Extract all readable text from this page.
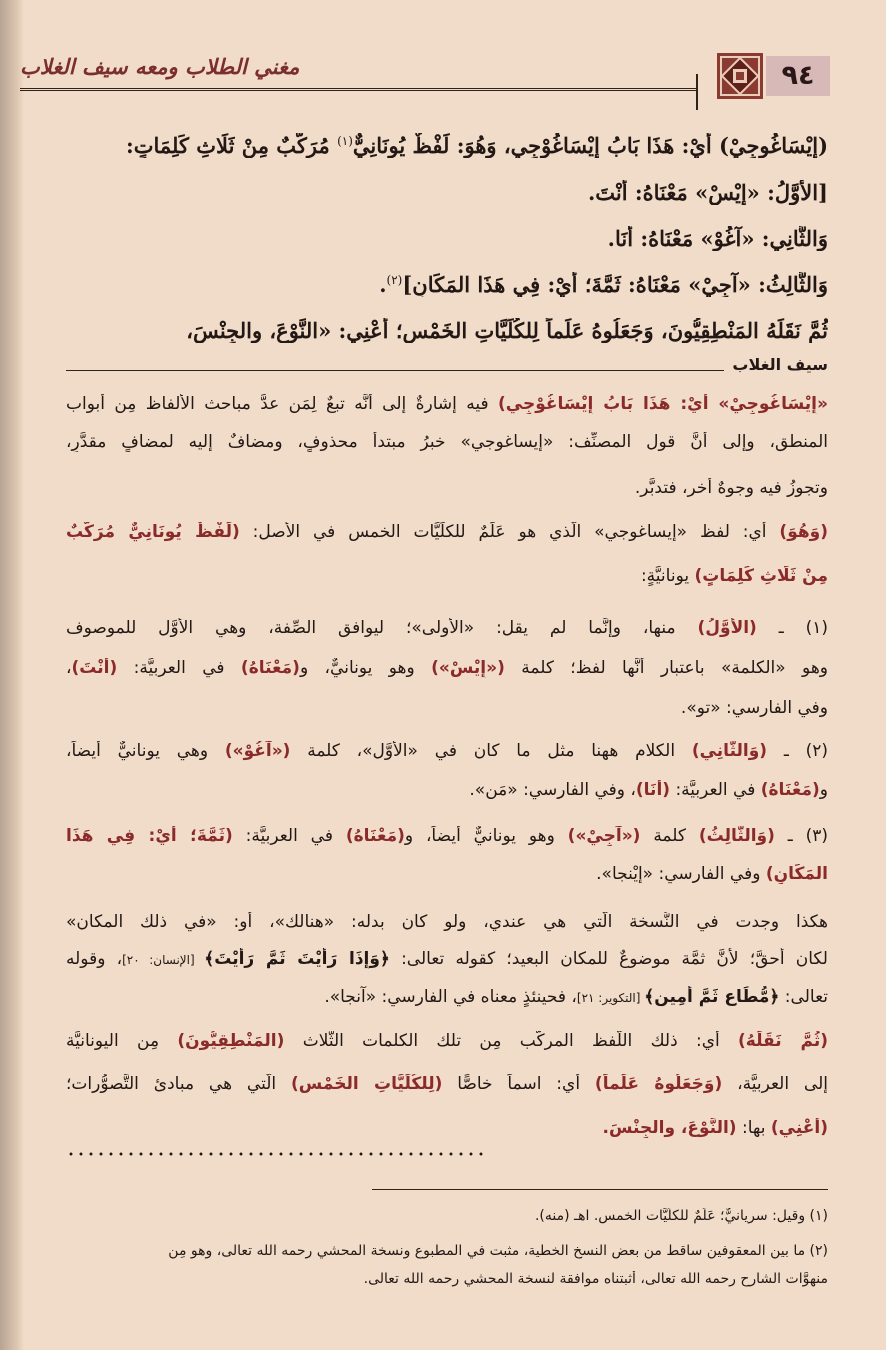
٩٤
مغني الطلاب ومعه سيف الغلاب
(إِيْسَاغُوجِيْ) أيْ: هَذَا بَابُ إِيْسَاغُوْجِي، وَهُوَ: لَفْظٌ يُونَانِيٌّ$^{(١)}$ مُرَكَّبٌ مِنْ ثَلَاثِ كَلِمَاتٍ:
[الأَوَّلُ: «إِيْسْ» مَعْنَاهُ: أَنْتَ.
وَالثَّانِي: «آغُوْ» مَعْنَاهُ: أَنَا.
وَالثَّالِثُ: «آجِيْ» مَعْنَاهُ: ثَمَّةَ؛ أيْ: فِي هَذَا المَكَانِ]$^{(٢)}$.
ثُمَّ نَقَلَهُ المَنْطِقِيُّونَ، وَجَعَلُوهُ عَلَماً لِلكُلِّيَّاتِ الخَمْسِ؛ أَعْنِي: «النَّوْعَ، والجِنْسَ،
سيف الغلاب
«إِيْسَاغُوجِيْ» أيْ: هَذَا بَابُ إِيْسَاغُوْجِي) فيه إشارةٌ إلى أنَّه تبعٌ لِمَن عدَّ مباحث الألفاظ مِن أبواب
المنطق، وإلى أنَّ قول المصنِّف: «إيساغوجي» خبرُ مبتدأ محذوفٍ، ومضافٌ إليه لمضافٍ مقدَّرٍ،
وتجوزُ فيه وجوهٌ أخر، فتدبَّر.
(وَهُوَ) أي: لفظ «إيساغوجي» الَّذي هو عَلَمٌ للكلِّيَّات الخمس في الأصل: (لَفْظٌ يُونَانِيٌّ مُرَكَّبٌ
مِنْ ثَلَاثِ كَلِمَاتٍ) يونانيَّةٍ:
(١) ـ (الأَوَّلُ) منها، وإنَّما لم يقل: «الأولى»؛ ليوافق الصِّفة، وهي الأوَّل للموصوف
وهو «الكلمة» باعتبار أنَّها لفظ؛ كلمة («إِيْسْ») وهو يونانيٌّ، و(مَعْنَاهُ) في العربيَّة: (أَنْتَ)،
وفي الفارسي: «تو».
(٢) ـ (وَالثَّانِي) الكلام ههنا مثل ما كان في «الأوَّل»، كلمة («آغُوْ») وهي يونانيٌّ أيضاً،
و(مَعْنَاهُ) في العربيَّة: (أَنَا)، وفي الفارسي: «مَن».
(٣) ـ (وَالثَّالِثُ) كلمة («آجِيْ») وهو يونانيٌّ أيضاً، و(مَعْنَاهُ) في العربيَّة: (ثَمَّةَ؛ أيْ: فِي هَذَا
المَكَانِ) وفي الفارسي: «إِيْنجا».
هكذا وجدت في النُّسخة الَّتي هي عندي، ولو كان بدله: «هنالك»، أو: «في ذلك المكان»
لكان أحقَّ؛ لأنَّ ثمَّة موضوعٌ للمكان البعيد؛ كقوله تعالى: ﴿وَإِذَا رَأَيْتَ ثَمَّ رَأَيْتَ﴾ [الإنسان: ٢٠]، وقوله
تعالى: ﴿مُّطَاعٍ ثَمَّ أَمِينٍ﴾ [التكوير: ٢١]، فحينئذٍ معناه في الفارسي: «آنجا».
(ثُمَّ نَقَلَهُ) أي: ذلك اللَّفظ المركَّب مِن تلك الكلمات الثَّلاث (المَنْطِقِيُّونَ) مِن اليونانيَّة
إلى العربيَّة، (وَجَعَلُوهُ عَلَماً) أي: اسماً خاصًّا (لِلكُلِّيَّاتِ الخَمْسِ) الَّتي هي مبادئ التَّصوُّرات؛
(أَعْنِي) بها: (النَّوْعَ، والجِنْسَ.
(١) وقيل: سريانيٌّ؛ عَلَمٌ للكلِّيَّات الخمس. اهـ (منه).
(٢) ما بين المعقوفين ساقط من بعض النسخ الخطية، مثبت في المطبوع ونسخة المحشي رحمه الله تعالى، وهو مِن
منهوَّات الشارح رحمه الله تعالى، أثبتناه موافقة لنسخة المحشي رحمه الله تعالى.
